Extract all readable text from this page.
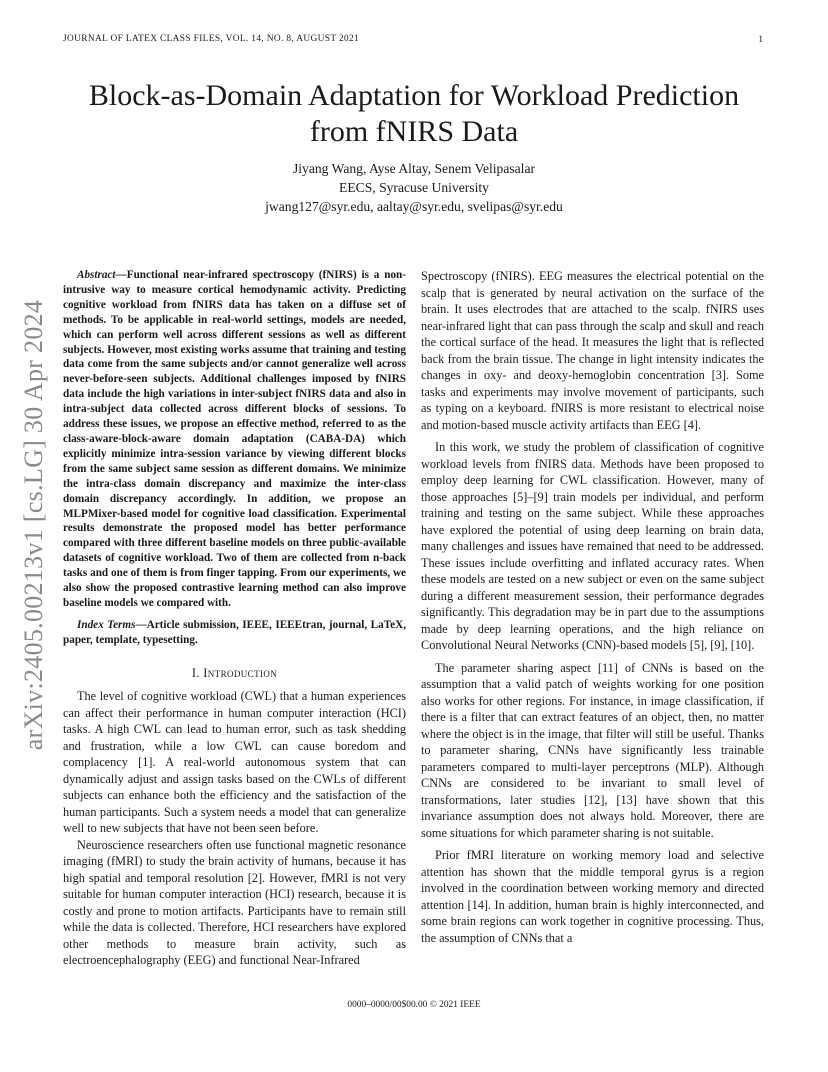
JOURNAL OF LATEX CLASS FILES, VOL. 14, NO. 8, AUGUST 2021	1
arXiv:2405.00213v1 [cs.LG] 30 Apr 2024
Block-as-Domain Adaptation for Workload Prediction from fNIRS Data
Jiyang Wang, Ayse Altay, Senem Velipasalar
EECS, Syracuse University
jwang127@syr.edu, aaltay@syr.edu, svelipas@syr.edu

Abstract—Functional near-infrared spectroscopy (fNIRS) is a non-intrusive way to measure cortical hemodynamic activity. Predicting cognitive workload from fNIRS data has taken on a diffuse set of methods. To be applicable in real-world settings, models are needed, which can perform well across different sessions as well as different subjects. However, most existing works assume that training and testing data come from the same subjects and/or cannot generalize well across never-before-seen subjects. Additional challenges imposed by fNIRS data include the high variations in inter-subject fNIRS data and also in intra-subject data collected across different blocks of sessions. To address these issues, we propose an effective method, referred to as the class-aware-block-aware domain adaptation (CABA-DA) which explicitly minimize intra-session variance by viewing different blocks from the same subject same session as different domains. We minimize the intra-class domain discrepancy and maximize the inter-class domain discrepancy accordingly. In addition, we propose an MLPMixer-based model for cognitive load classification. Experimental results demonstrate the proposed model has better performance compared with three different baseline models on three public-available datasets of cognitive workload. Two of them are collected from n-back tasks and one of them is from finger tapping. From our experiments, we also show the proposed contrastive learning method can also improve baseline models we compared with.

Index Terms—Article submission, IEEE, IEEEtran, journal, LaTeX, paper, template, typesetting.

I. Introduction

The level of cognitive workload (CWL) that a human experiences can affect their performance in human computer interaction (HCI) tasks. A high CWL can lead to human error, such as task shedding and frustration, while a low CWL can cause boredom and complacency [1]. A real-world autonomous system that can dynamically adjust and assign tasks based on the CWLs of different subjects can enhance both the efficiency and the satisfaction of the human participants. Such a system needs a model that can generalize well to new subjects that have not been seen before.

Neuroscience researchers often use functional magnetic resonance imaging (fMRI) to study the brain activity of humans, because it has high spatial and temporal resolution [2]. However, fMRI is not very suitable for human computer interaction (HCI) research, because it is costly and prone to motion artifacts. Participants have to remain still while the data is collected. Therefore, HCI researchers have explored other methods to measure brain activity, such as electroencephalography (EEG) and functional Near-Infrared

Spectroscopy (fNIRS). EEG measures the electrical potential on the scalp that is generated by neural activation on the surface of the brain. It uses electrodes that are attached to the scalp. fNIRS uses near-infrared light that can pass through the scalp and skull and reach the cortical surface of the head. It measures the light that is reflected back from the brain tissue. The change in light intensity indicates the changes in oxy- and deoxy-hemoglobin concentration [3]. Some tasks and experiments may involve movement of participants, such as typing on a keyboard. fNIRS is more resistant to electrical noise and motion-based muscle activity artifacts than EEG [4].

In this work, we study the problem of classification of cognitive workload levels from fNIRS data. Methods have been proposed to employ deep learning for CWL classification. However, many of those approaches [5]–[9] train models per individual, and perform training and testing on the same subject. While these approaches have explored the potential of using deep learning on brain data, many challenges and issues have remained that need to be addressed. These issues include overfitting and inflated accuracy rates. When these models are tested on a new subject or even on the same subject during a different measurement session, their performance degrades significantly. This degradation may be in part due to the assumptions made by deep learning operations, and the high reliance on Convolutional Neural Networks (CNN)-based models [5], [9], [10].

The parameter sharing aspect [11] of CNNs is based on the assumption that a valid patch of weights working for one position also works for other regions. For instance, in image classification, if there is a filter that can extract features of an object, then, no matter where the object is in the image, that filter will still be useful. Thanks to parameter sharing, CNNs have significantly less trainable parameters compared to multi-layer perceptrons (MLP). Although CNNs are considered to be invariant to small level of transformations, later studies [12], [13] have shown that this invariance assumption does not always hold. Moreover, there are some situations for which parameter sharing is not suitable.

Prior fMRI literature on working memory load and selective attention has shown that the middle temporal gyrus is a region involved in the coordination between working memory and directed attention [14]. In addition, human brain is highly interconnected, and some brain regions can work together in cognitive processing. Thus, the assumption of CNNs that a

0000–0000/00$00.00 © 2021 IEEE
